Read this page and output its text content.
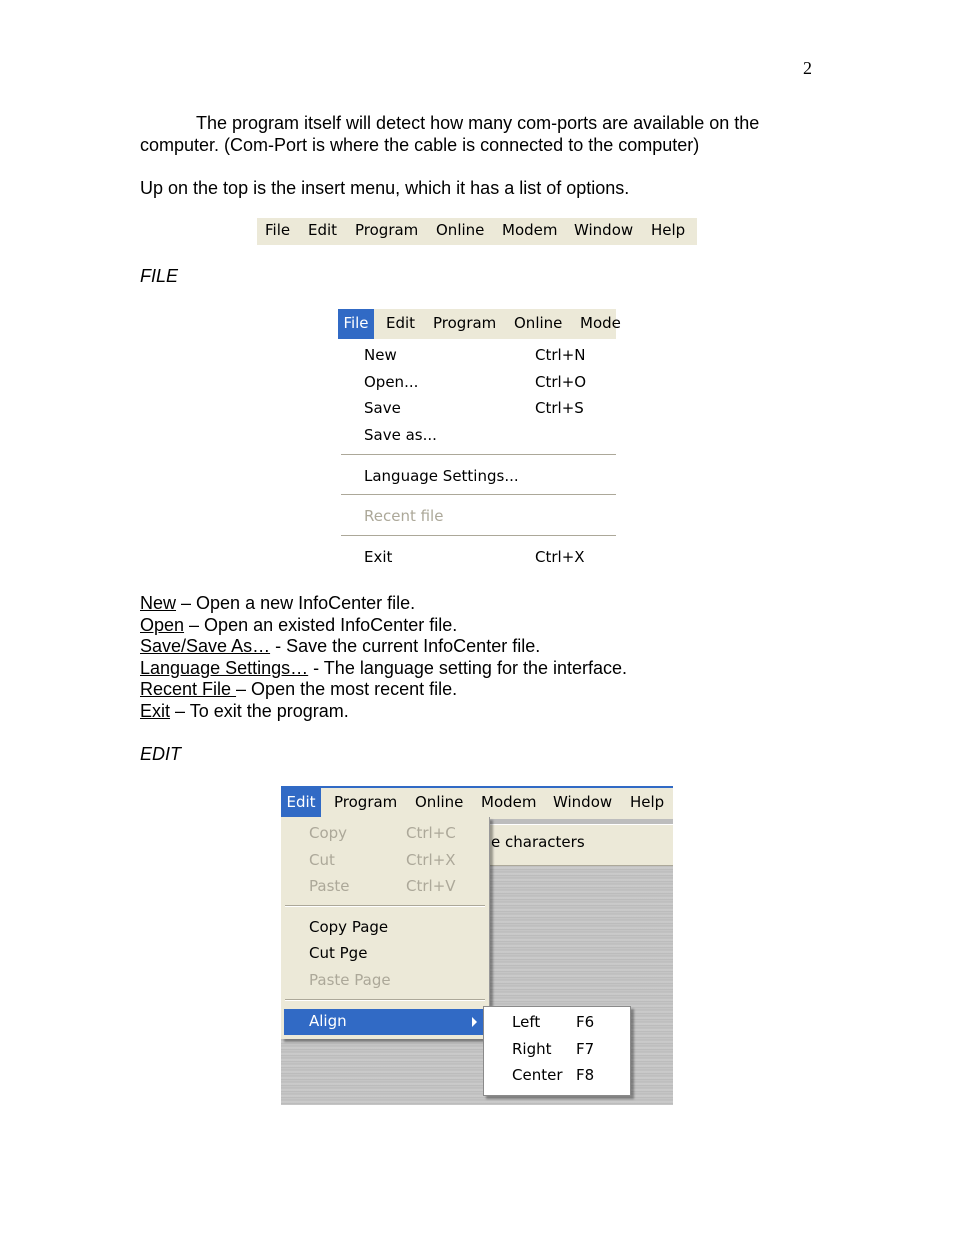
2
The program itself will detect how many com-ports are available on the
computer. (Com-Port is where the cable is connected to the computer)
Up on the top is the insert menu, which it has a list of options.
File Edit Program Online Modem Window Help
FILE
File	Edit Program Online Mode
New	Ctrl+N
Open...	Ctrl+O
Save	Ctrl+S
Save as...
Language Settings...
Recent file
Exit	Ctrl+X
New – Open a new InfoCenter file.
Open – Open an existed InfoCenter file.
Save/Save As… - Save the current InfoCenter file.
Language Settings… - The language setting for the interface.
Recent File – Open the most recent file.
Exit – To exit the program.
EDIT
e characters
Edit	Program Online Modem Window Help
Copy	Ctrl+C
Cut	Ctrl+X
Paste	Ctrl+V
Copy Page
Cut Pge
Paste Page
Align	Left F6
Right F7
Center F8
